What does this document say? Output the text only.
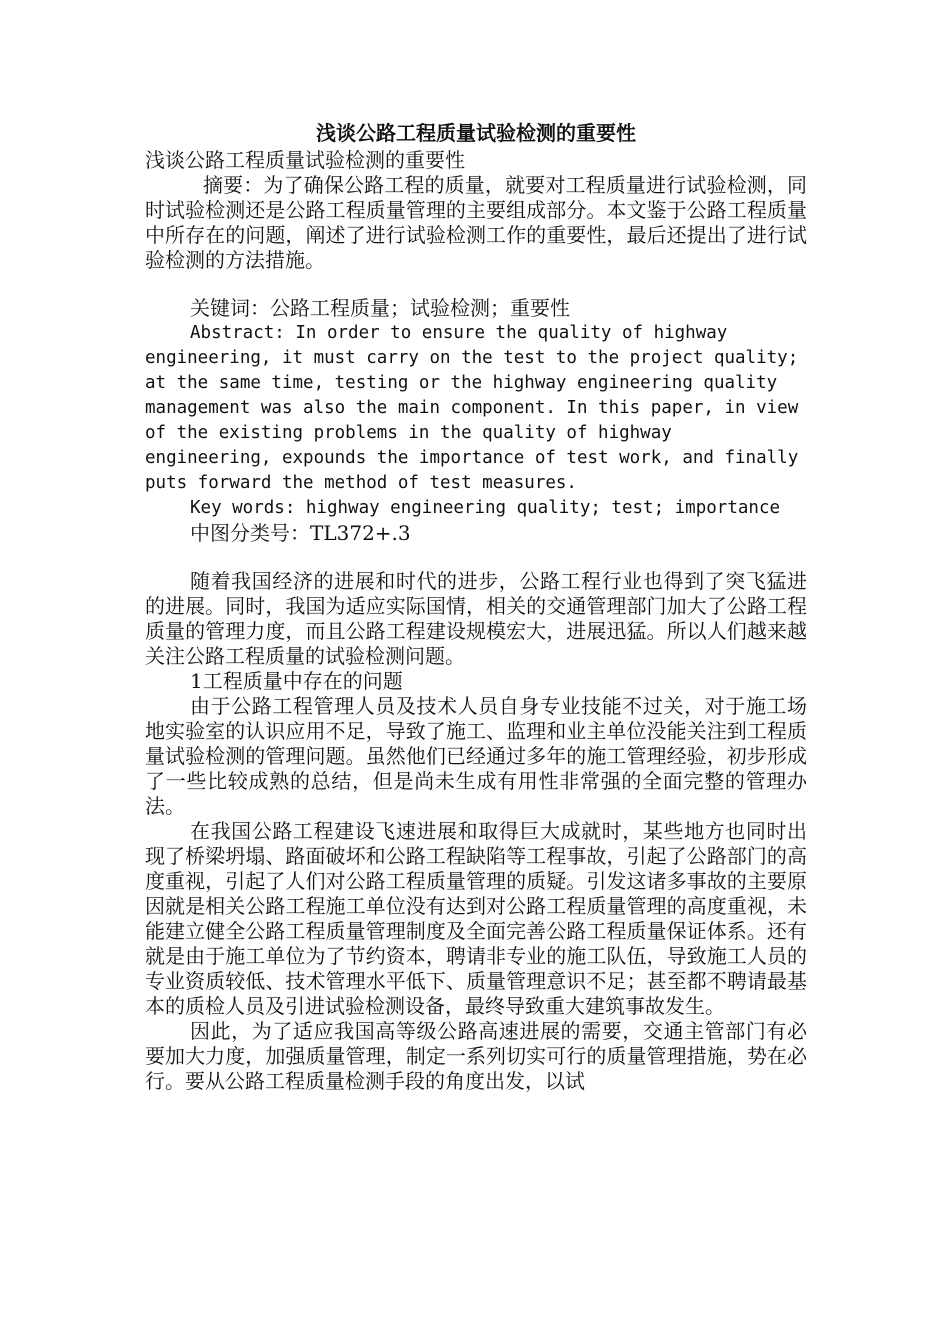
浅谈公路工程质量试验检测的重要性

浅谈公路工程质量试验检测的重要性

摘要：为了确保公路工程的质量，就要对工程质量进行试验检测，同时试验检测还是公路工程质量管理的主要组成部分。本文鉴于公路工程质量中所存在的问题，阐述了进行试验检测工作的重要性，最后还提出了进行试验检测的方法措施。

关键词：公路工程质量；试验检测；重要性

Abstract: In order to ensure the quality of highway engineering, it must carry on the test to the project quality; at the same time, testing or the highway engineering quality management was also the main component. In this paper, in view of the existing problems in the quality of highway engineering, expounds the importance of test work, and finally puts forward the method of test measures.

Key words: highway engineering quality; test; importance

中图分类号：TL372+.3

随着我国经济的进展和时代的进步，公路工程行业也得到了突飞猛进的进展。同时，我国为适应实际国情，相关的交通管理部门加大了公路工程质量的管理力度，而且公路工程建设规模宏大，进展迅猛。所以人们越来越关注公路工程质量的试验检测问题。

1工程质量中存在的问题

由于公路工程管理人员及技术人员自身专业技能不过关，对于施工场地实验室的认识应用不足，导致了施工、监理和业主单位没能关注到工程质量试验检测的管理问题。虽然他们已经通过多年的施工管理经验，初步形成了一些比较成熟的总结，但是尚未生成有用性非常强的全面完整的管理办法。

在我国公路工程建设飞速进展和取得巨大成就时，某些地方也同时出现了桥梁坍塌、路面破坏和公路工程缺陷等工程事故，引起了公路部门的高度重视，引起了人们对公路工程质量管理的质疑。引发这诸多事故的主要原因就是相关公路工程施工单位没有达到对公路工程质量管理的高度重视，未能建立健全公路工程质量管理制度及全面完善公路工程质量保证体系。还有就是由于施工单位为了节约资本，聘请非专业的施工队伍，导致施工人员的专业资质较低、技术管理水平低下、质量管理意识不足；甚至都不聘请最基本的质检人员及引进试验检测设备，最终导致重大建筑事故发生。

因此，为了适应我国高等级公路高速进展的需要，交通主管部门有必要加大力度，加强质量管理，制定一系列切实可行的质量管理措施，势在必行。要从公路工程质量检测手段的角度出发，以试
